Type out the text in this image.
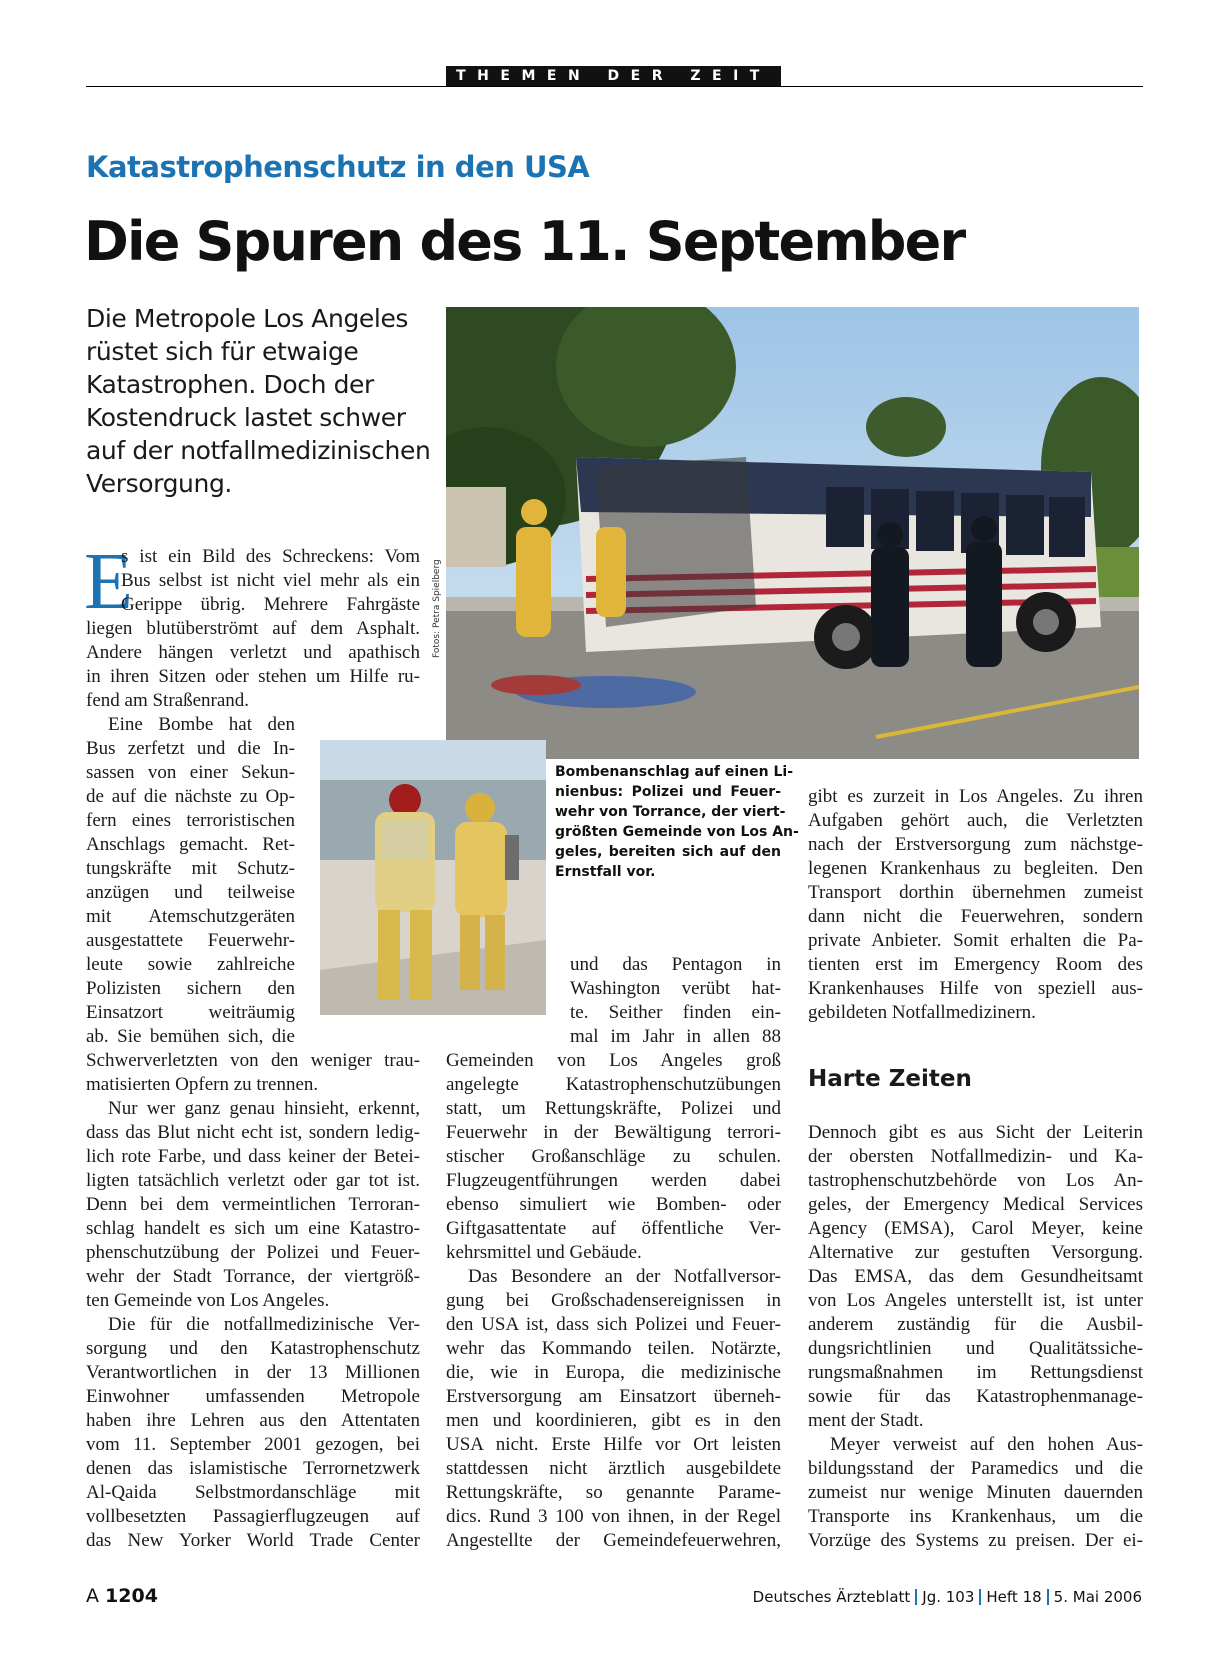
THEMEN DER ZEIT
Katastrophenschutz in den USA
Die Spuren des 11. September
Die Metropole Los Angeles
rüstet sich für etwaige
Katastrophen. Doch der
Kostendruck lastet schwer
auf der notfallmedizinischen
Versorgung.
Fotos: Petra Spielberg
Bombenanschlag auf einen Li-
nienbus: Polizei und Feuer-
wehr von Torrance, der viert-
größten Gemeinde von Los An-
geles, bereiten sich auf den
Ernstfall vor.
E
s ist ein Bild des Schreckens: Vom
Bus selbst ist nicht viel mehr als ein
Gerippe übrig. Mehrere Fahrgäste
liegen blutüberströmt auf dem Asphalt.
Andere hängen verletzt und apathisch
in ihren Sitzen oder stehen um Hilfe ru-
fend am Straßenrand.
Eine Bombe hat den
Bus zerfetzt und die In-
sassen von einer Sekun-
de auf die nächste zu Op-
fern eines terroristischen
Anschlags gemacht. Ret-
tungskräfte mit Schutz-
anzügen und teilweise
mit Atemschutzgeräten
ausgestattete Feuerwehr-
leute sowie zahlreiche
Polizisten sichern den
Einsatzort weiträumig
ab. Sie bemühen sich, die
Schwerverletzten von den weniger trau-
matisierten Opfern zu trennen.
Nur wer ganz genau hinsieht, erkennt,
dass das Blut nicht echt ist, sondern ledig-
lich rote Farbe, und dass keiner der Betei-
ligten tatsächlich verletzt oder gar tot ist.
Denn bei dem vermeintlichen Terroran-
schlag handelt es sich um eine Katastro-
phenschutzübung der Polizei und Feuer-
wehr der Stadt Torrance, der viertgröß-
ten Gemeinde von Los Angeles.
Die für die notfallmedizinische Ver-
sorgung und den Katastrophenschutz
Verantwortlichen in der 13 Millionen
Einwohner umfassenden Metropole
haben ihre Lehren aus den Attentaten
vom 11. September 2001 gezogen, bei
denen das islamistische Terrornetzwerk
Al-Qaida Selbstmordanschläge mit
vollbesetzten Passagierflugzeugen auf
das New Yorker World Trade Center
und das Pentagon in
Washington verübt hat-
te. Seither finden ein-
mal im Jahr in allen 88
Gemeinden von Los Angeles groß
angelegte Katastrophenschutzübungen
statt, um Rettungskräfte, Polizei und
Feuerwehr in der Bewältigung terrori-
stischer Großanschläge zu schulen.
Flugzeugentführungen werden dabei
ebenso simuliert wie Bomben- oder
Giftgasattentate auf öffentliche Ver-
kehrsmittel und Gebäude.
Das Besondere an der Notfallversor-
gung bei Großschadensereignissen in
den USA ist, dass sich Polizei und Feuer-
wehr das Kommando teilen. Notärzte,
die, wie in Europa, die medizinische
Erstversorgung am Einsatzort überneh-
men und koordinieren, gibt es in den
USA nicht. Erste Hilfe vor Ort leisten
stattdessen nicht ärztlich ausgebildete
Rettungskräfte, so genannte Parame-
dics. Rund 3 100 von ihnen, in der Regel
Angestellte der Gemeindefeuerwehren,
gibt es zurzeit in Los Angeles. Zu ihren
Aufgaben gehört auch, die Verletzten
nach der Erstversorgung zum nächstge-
legenen Krankenhaus zu begleiten. Den
Transport dorthin übernehmen zumeist
dann nicht die Feuerwehren, sondern
private Anbieter. Somit erhalten die Pa-
tienten erst im Emergency Room des
Krankenhauses Hilfe von speziell aus-
gebildeten Notfallmedizinern.
Harte Zeiten
Dennoch gibt es aus Sicht der Leiterin
der obersten Notfallmedizin- und Ka-
tastrophenschutzbehörde von Los An-
geles, der Emergency Medical Services
Agency (EMSA), Carol Meyer, keine
Alternative zur gestuften Versorgung.
Das EMSA, das dem Gesundheitsamt
von Los Angeles unterstellt ist, ist unter
anderem zuständig für die Ausbil-
dungsrichtlinien und Qualitätssiche-
rungsmaßnahmen im Rettungsdienst
sowie für das Katastrophenmanage-
ment der Stadt.
Meyer verweist auf den hohen Aus-
bildungsstand der Paramedics und die
zumeist nur wenige Minuten dauernden
Transporte ins Krankenhaus, um die
Vorzüge des Systems zu preisen. Der ei-
A 1204	Deutsches Ärzteblatt Jg. 103 Heft 18 5. Mai 2006
